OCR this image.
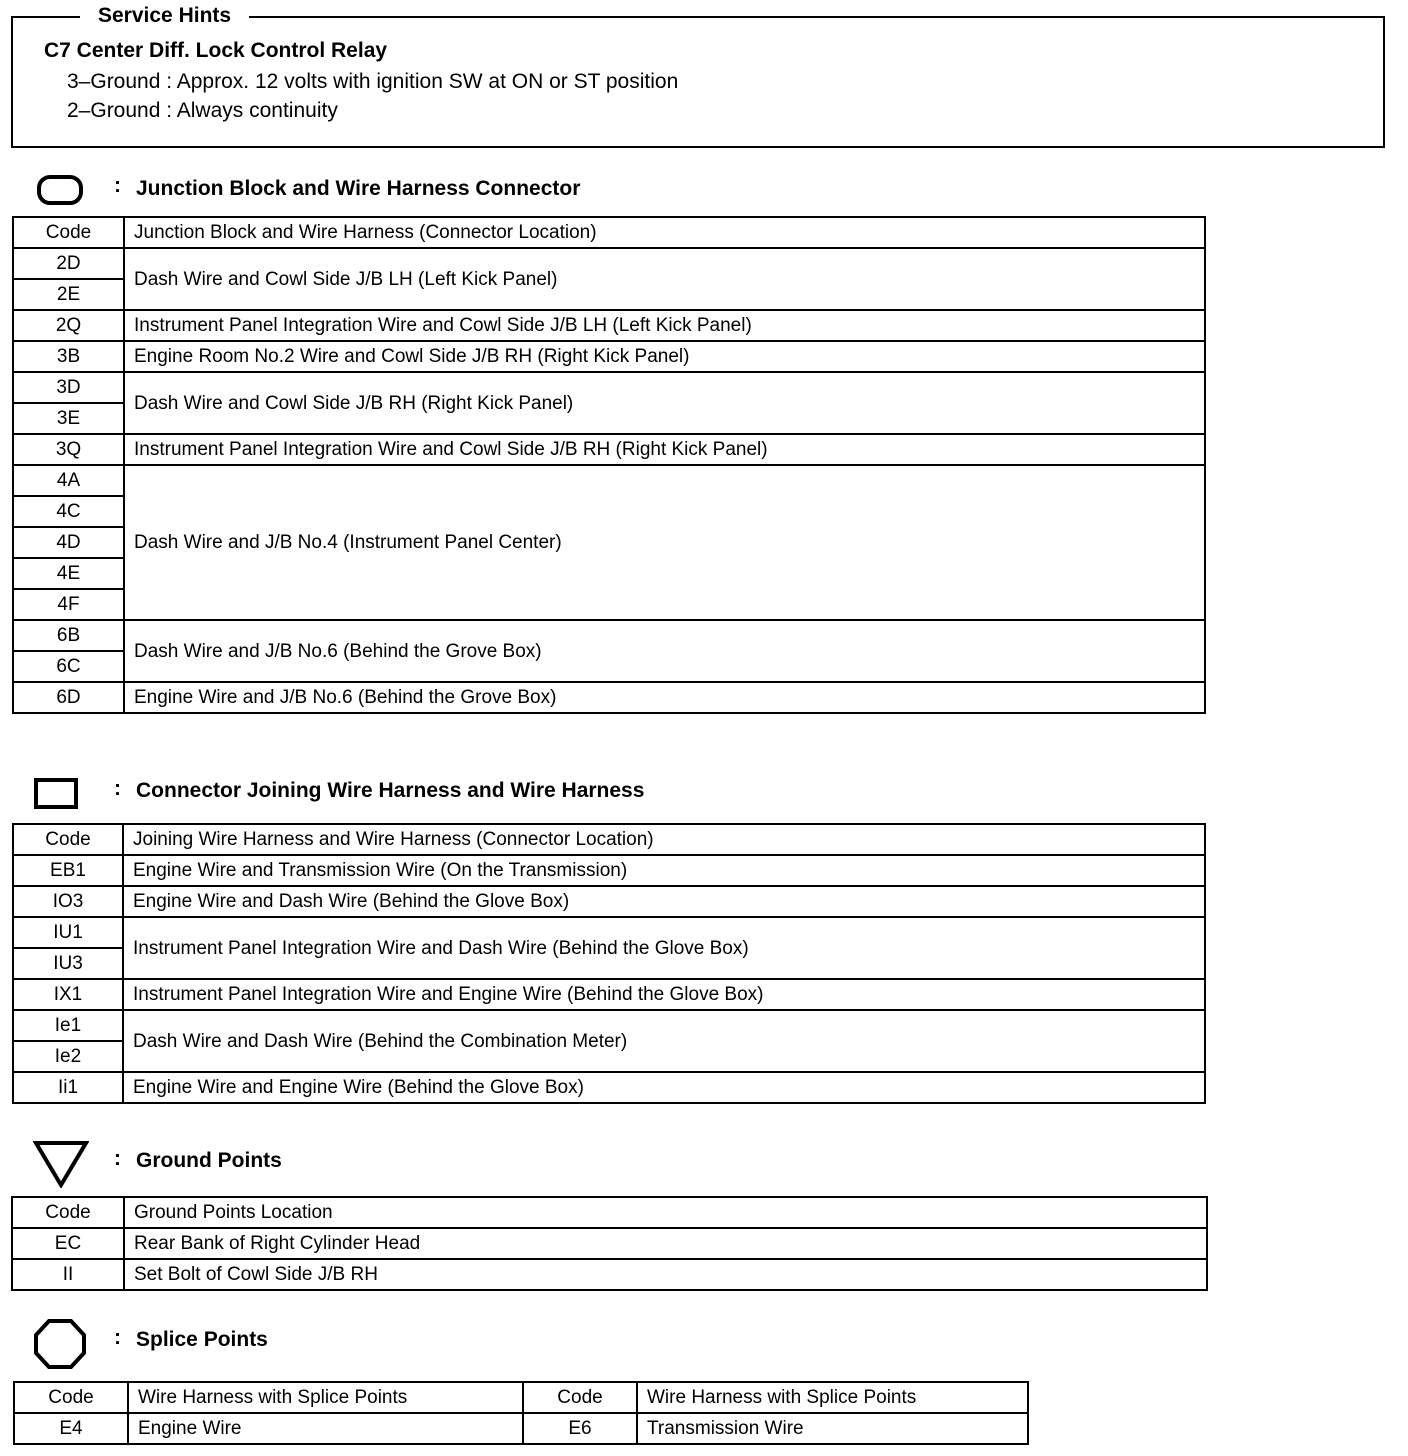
Service Hints
C7 Center Diff. Lock Control Relay
3–Ground : Approx. 12 volts with ignition SW at ON or ST position
2–Ground : Always continuity
: Junction Block and Wire Harness Connector
Code	Junction Block and Wire Harness (Connector Location)
2D	Dash Wire and Cowl Side J/B LH (Left Kick Panel)
2E	
2Q	Instrument Panel Integration Wire and Cowl Side J/B LH (Left Kick Panel)
3B	Engine Room No.2 Wire and Cowl Side J/B RH (Right Kick Panel)
3D	Dash Wire and Cowl Side J/B RH (Right Kick Panel)
3E	
3Q	Instrument Panel Integration Wire and Cowl Side J/B RH (Right Kick Panel)
4A	Dash Wire and J/B No.4 (Instrument Panel Center)
4C	
4D	
4E	
4F	
6B	Dash Wire and J/B No.6 (Behind the Grove Box)
6C	
6D	Engine Wire and J/B No.6 (Behind the Grove Box)
: Connector Joining Wire Harness and Wire Harness
Code	Joining Wire Harness and Wire Harness (Connector Location)
EB1	Engine Wire and Transmission Wire (On the Transmission)
IO3	Engine Wire and Dash Wire (Behind the Glove Box)
IU1	Instrument Panel Integration Wire and Dash Wire (Behind the Glove Box)
IU3	
IX1	Instrument Panel Integration Wire and Engine Wire (Behind the Glove Box)
Ie1	Dash Wire and Dash Wire (Behind the Combination Meter)
Ie2	
Ii1	Engine Wire and Engine Wire (Behind the Glove Box)
: Ground Points
Code	Ground Points Location
EC	Rear Bank of Right Cylinder Head
II	Set Bolt of Cowl Side J/B RH
: Splice Points
Code	Wire Harness with Splice Points	Code	Wire Harness with Splice Points
E4	Engine Wire	E6	Transmission Wire
